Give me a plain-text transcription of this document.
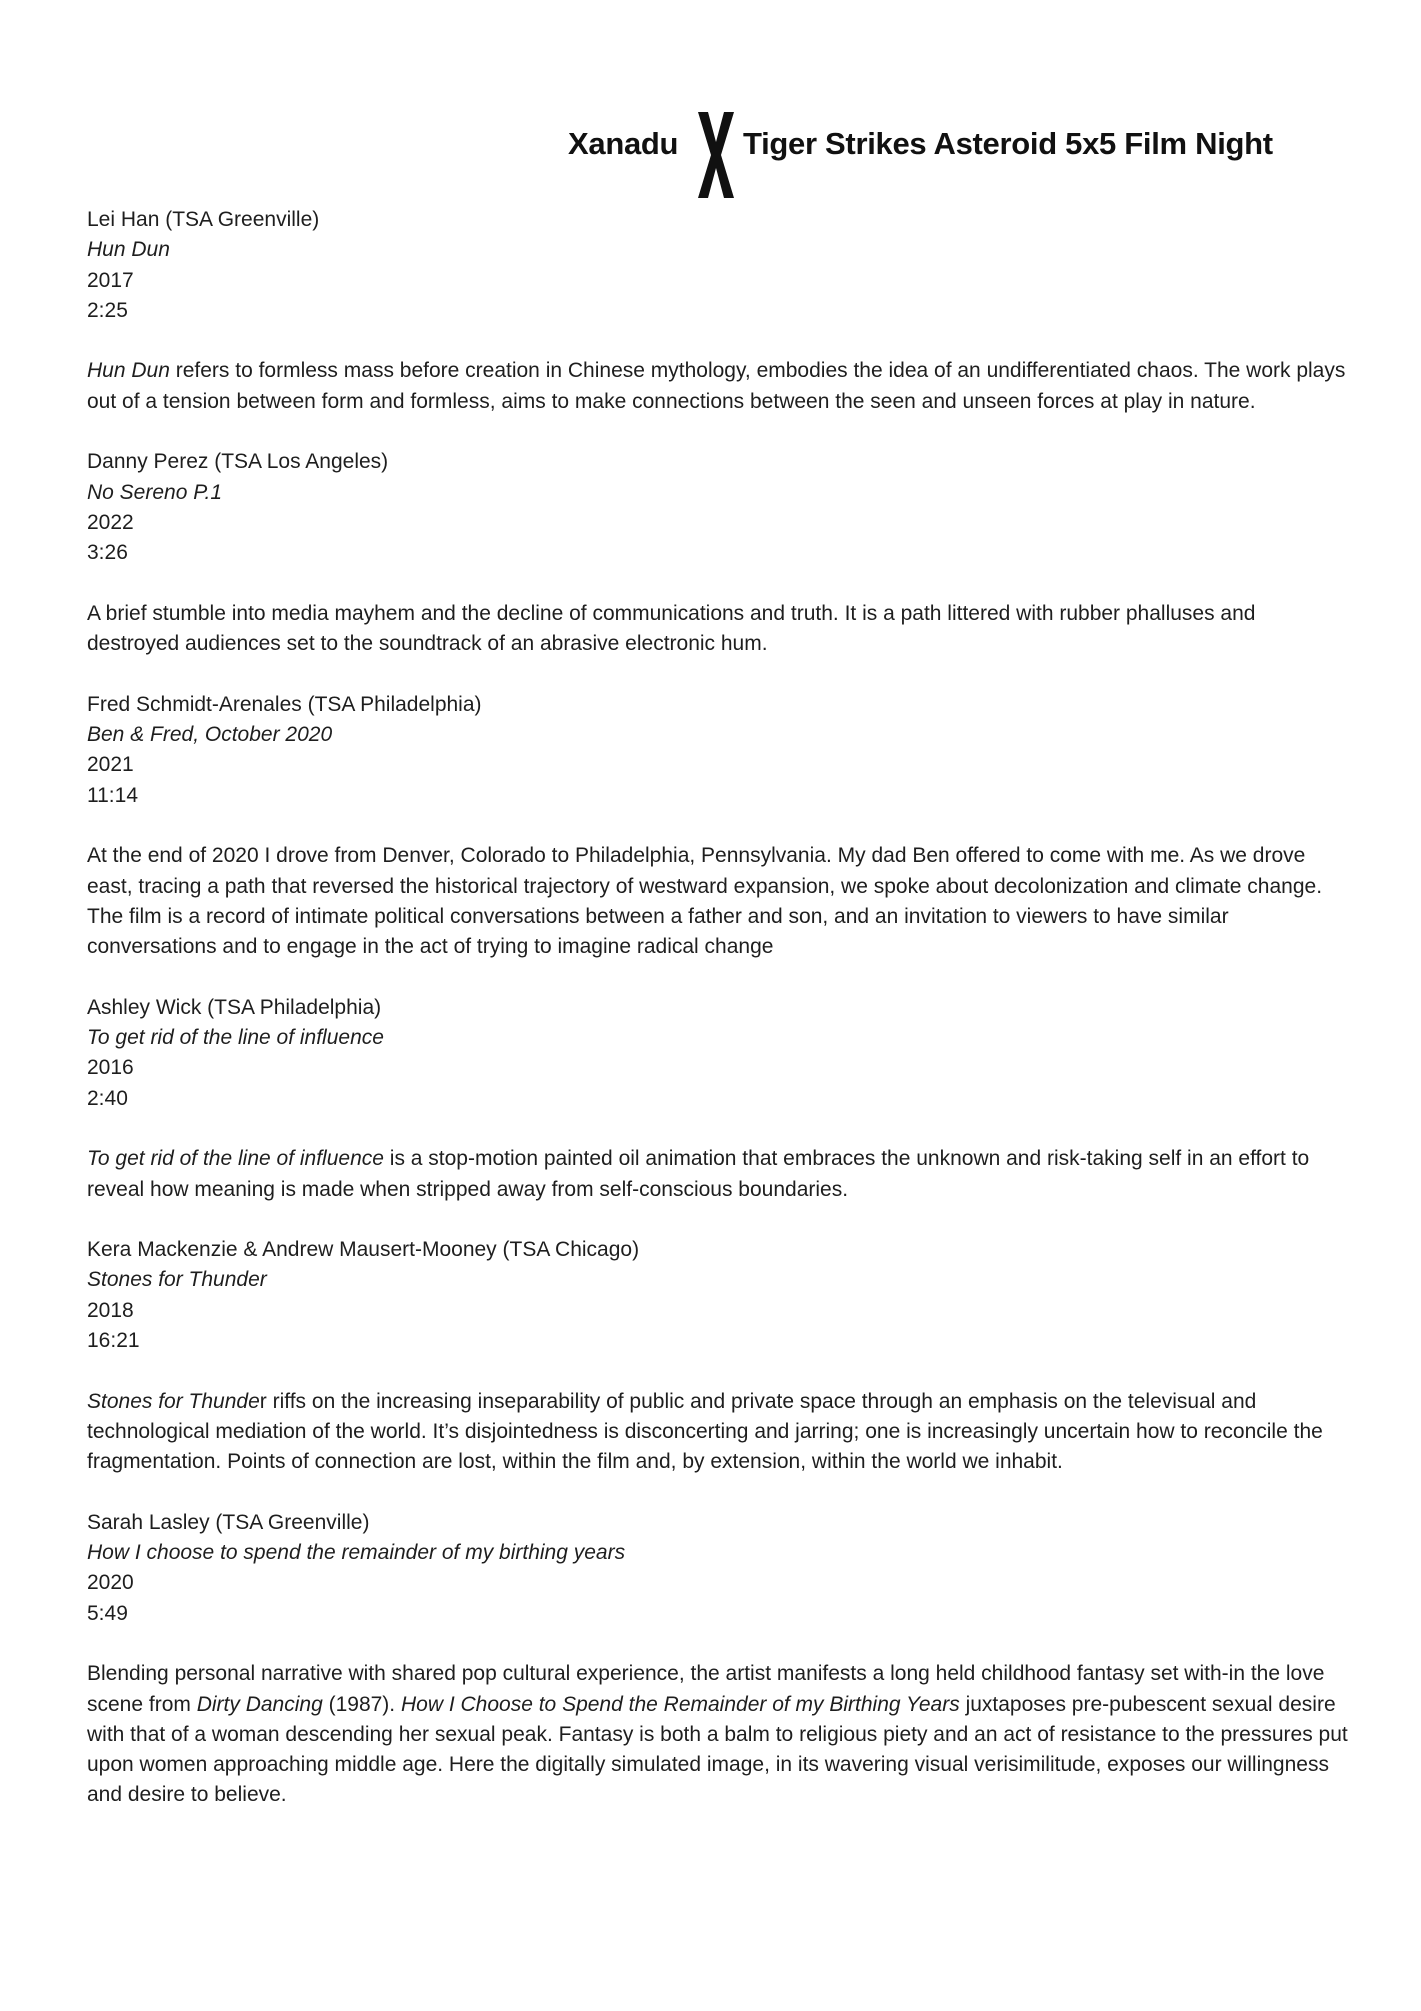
Xanadu Tiger Strikes Asteroid 5x5 Film Night
Lei Han (TSA Greenville)
Hun Dun
2017
2:25

Hun Dun refers to formless mass before creation in Chinese mythology, embodies the idea of an undifferentiated chaos. The work plays out of a tension between form and formless, aims to make connections between the seen and unseen forces at play in nature.

Danny Perez (TSA Los Angeles)
No Sereno P.1
2022
3:26

A brief stumble into media mayhem and the decline of communications and truth. It is a path littered with rubber phalluses and destroyed audiences set to the soundtrack of an abrasive electronic hum.

Fred Schmidt-Arenales (TSA Philadelphia)
Ben & Fred, October 2020
2021
11:14

At the end of 2020 I drove from Denver, Colorado to Philadelphia, Pennsylvania. My dad Ben offered to come with me. As we drove east, tracing a path that reversed the historical trajectory of westward expansion, we spoke about decolonization and climate change. The film is a record of intimate political conversations between a father and son, and an invitation to viewers to have similar conversations and to engage in the act of trying to imagine radical change

Ashley Wick (TSA Philadelphia)
To get rid of the line of influence
2016
2:40

To get rid of the line of influence is a stop-motion painted oil animation that embraces the unknown and risk-taking self in an effort to reveal how meaning is made when stripped away from self-conscious boundaries.

Kera Mackenzie & Andrew Mausert-Mooney (TSA Chicago)
Stones for Thunder
2018
16:21

Stones for Thunder riffs on the increasing inseparability of public and private space through an emphasis on the televisual and technological mediation of the world. It’s disjointedness is disconcerting and jarring; one is increasingly uncertain how to reconcile the fragmentation. Points of connection are lost, within the film and, by extension, within the world we inhabit.

Sarah Lasley (TSA Greenville)
How I choose to spend the remainder of my birthing years
2020
5:49

Blending personal narrative with shared pop cultural experience, the artist manifests a long held childhood fantasy set with-in the love scene from Dirty Dancing (1987). How I Choose to Spend the Remainder of my Birthing Years juxtaposes pre-pubescent sexual desire with that of a woman descending her sexual peak. Fantasy is both a balm to religious piety and an act of resistance to the pressures put upon women approaching middle age. Here the digitally simulated image, in its wavering visual verisimilitude, exposes our willingness and desire to believe.
